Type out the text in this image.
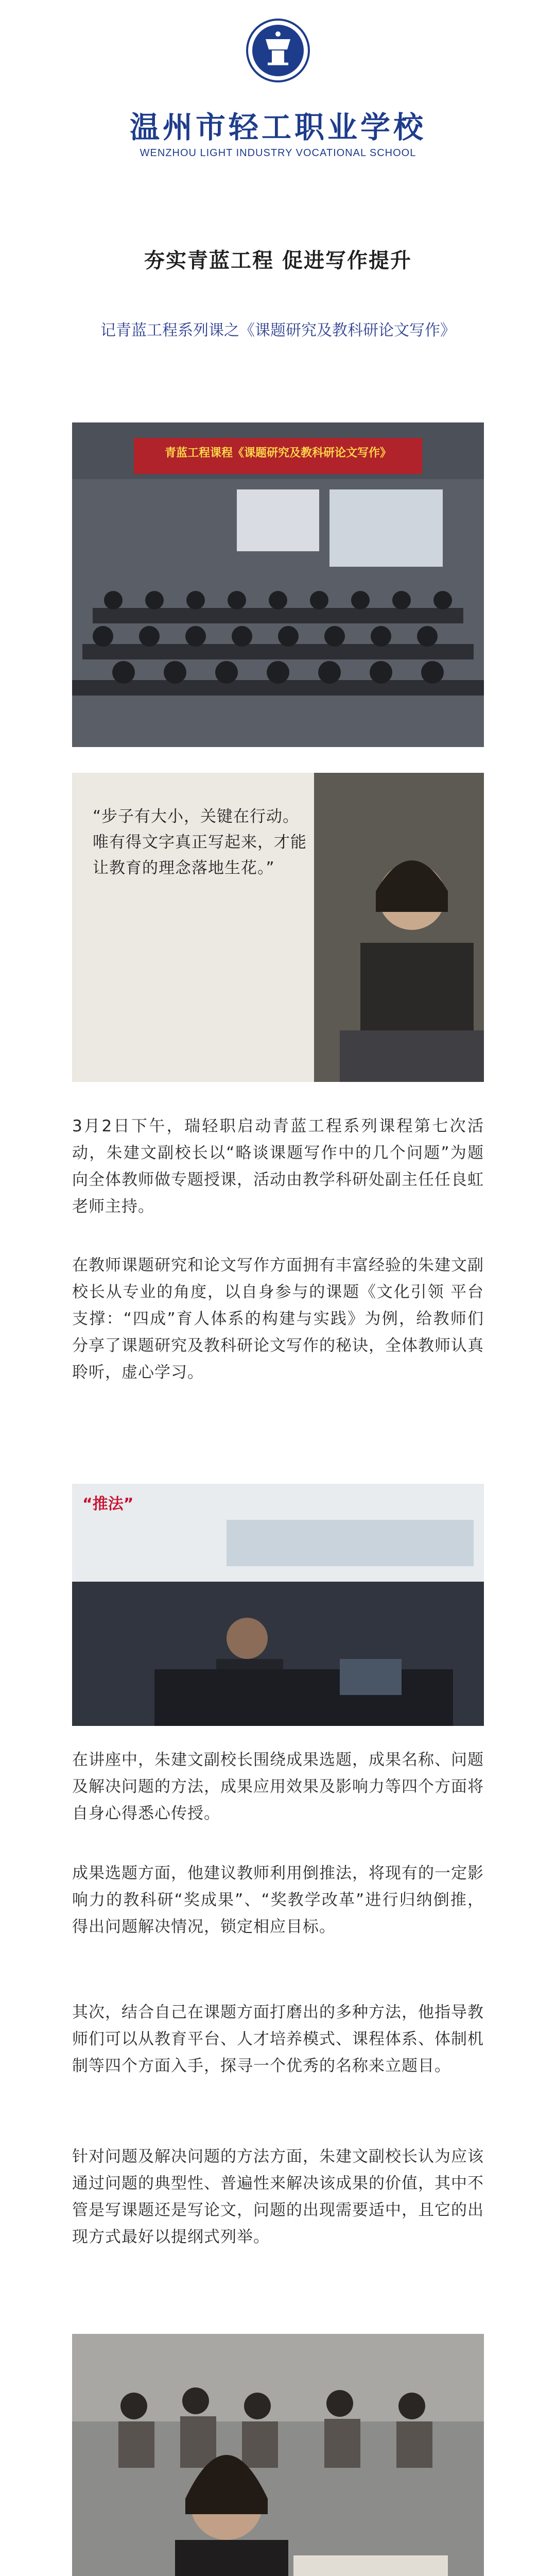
温州市轻工职业学校
WENZHOU LIGHT INDUSTRY VOCATIONAL SCHOOL
夯实青蓝工程 促进写作提升
记青蓝工程系列课之《课题研究及教科研论文写作》
青蓝工程课程《课题研究及教科研论文写作》
“步子有大小，关键在行动。唯有得文字真正写起来，才能让教育的理念落地生花。”
3月2日下午，瑞轻职启动青蓝工程系列课程第七次活动，朱建文副校长以“略谈课题写作中的几个问题”为题向全体教师做专题授课，活动由教学科研处副主任任良虹老师主持。
在教师课题研究和论文写作方面拥有丰富经验的朱建文副校长从专业的角度，以自身参与的课题《文化引领 平台支撑：“四成”育人体系的构建与实践》为例，给教师们分享了课题研究及教科研论文写作的秘诀，全体教师认真聆听，虚心学习。
“推法”
在讲座中，朱建文副校长围绕成果选题，成果名称、问题及解决问题的方法，成果应用效果及影响力等四个方面将自身心得悉心传授。
成果选题方面，他建议教师利用倒推法，将现有的一定影响力的教科研“奖成果”、“奖教学改革”进行归纳倒推，得出问题解决情况，锁定相应目标。
其次，结合自己在课题方面打磨出的多种方法，他指导教师们可以从教育平台、人才培养模式、课程体系、体制机制等四个方面入手，探寻一个优秀的名称来立题目。
针对问题及解决问题的方法方面，朱建文副校长认为应该通过问题的典型性、普遍性来解决该成果的价值，其中不管是写课题还是写论文，问题的出现需要适中，且它的出现方式最好以提纲式列举。
